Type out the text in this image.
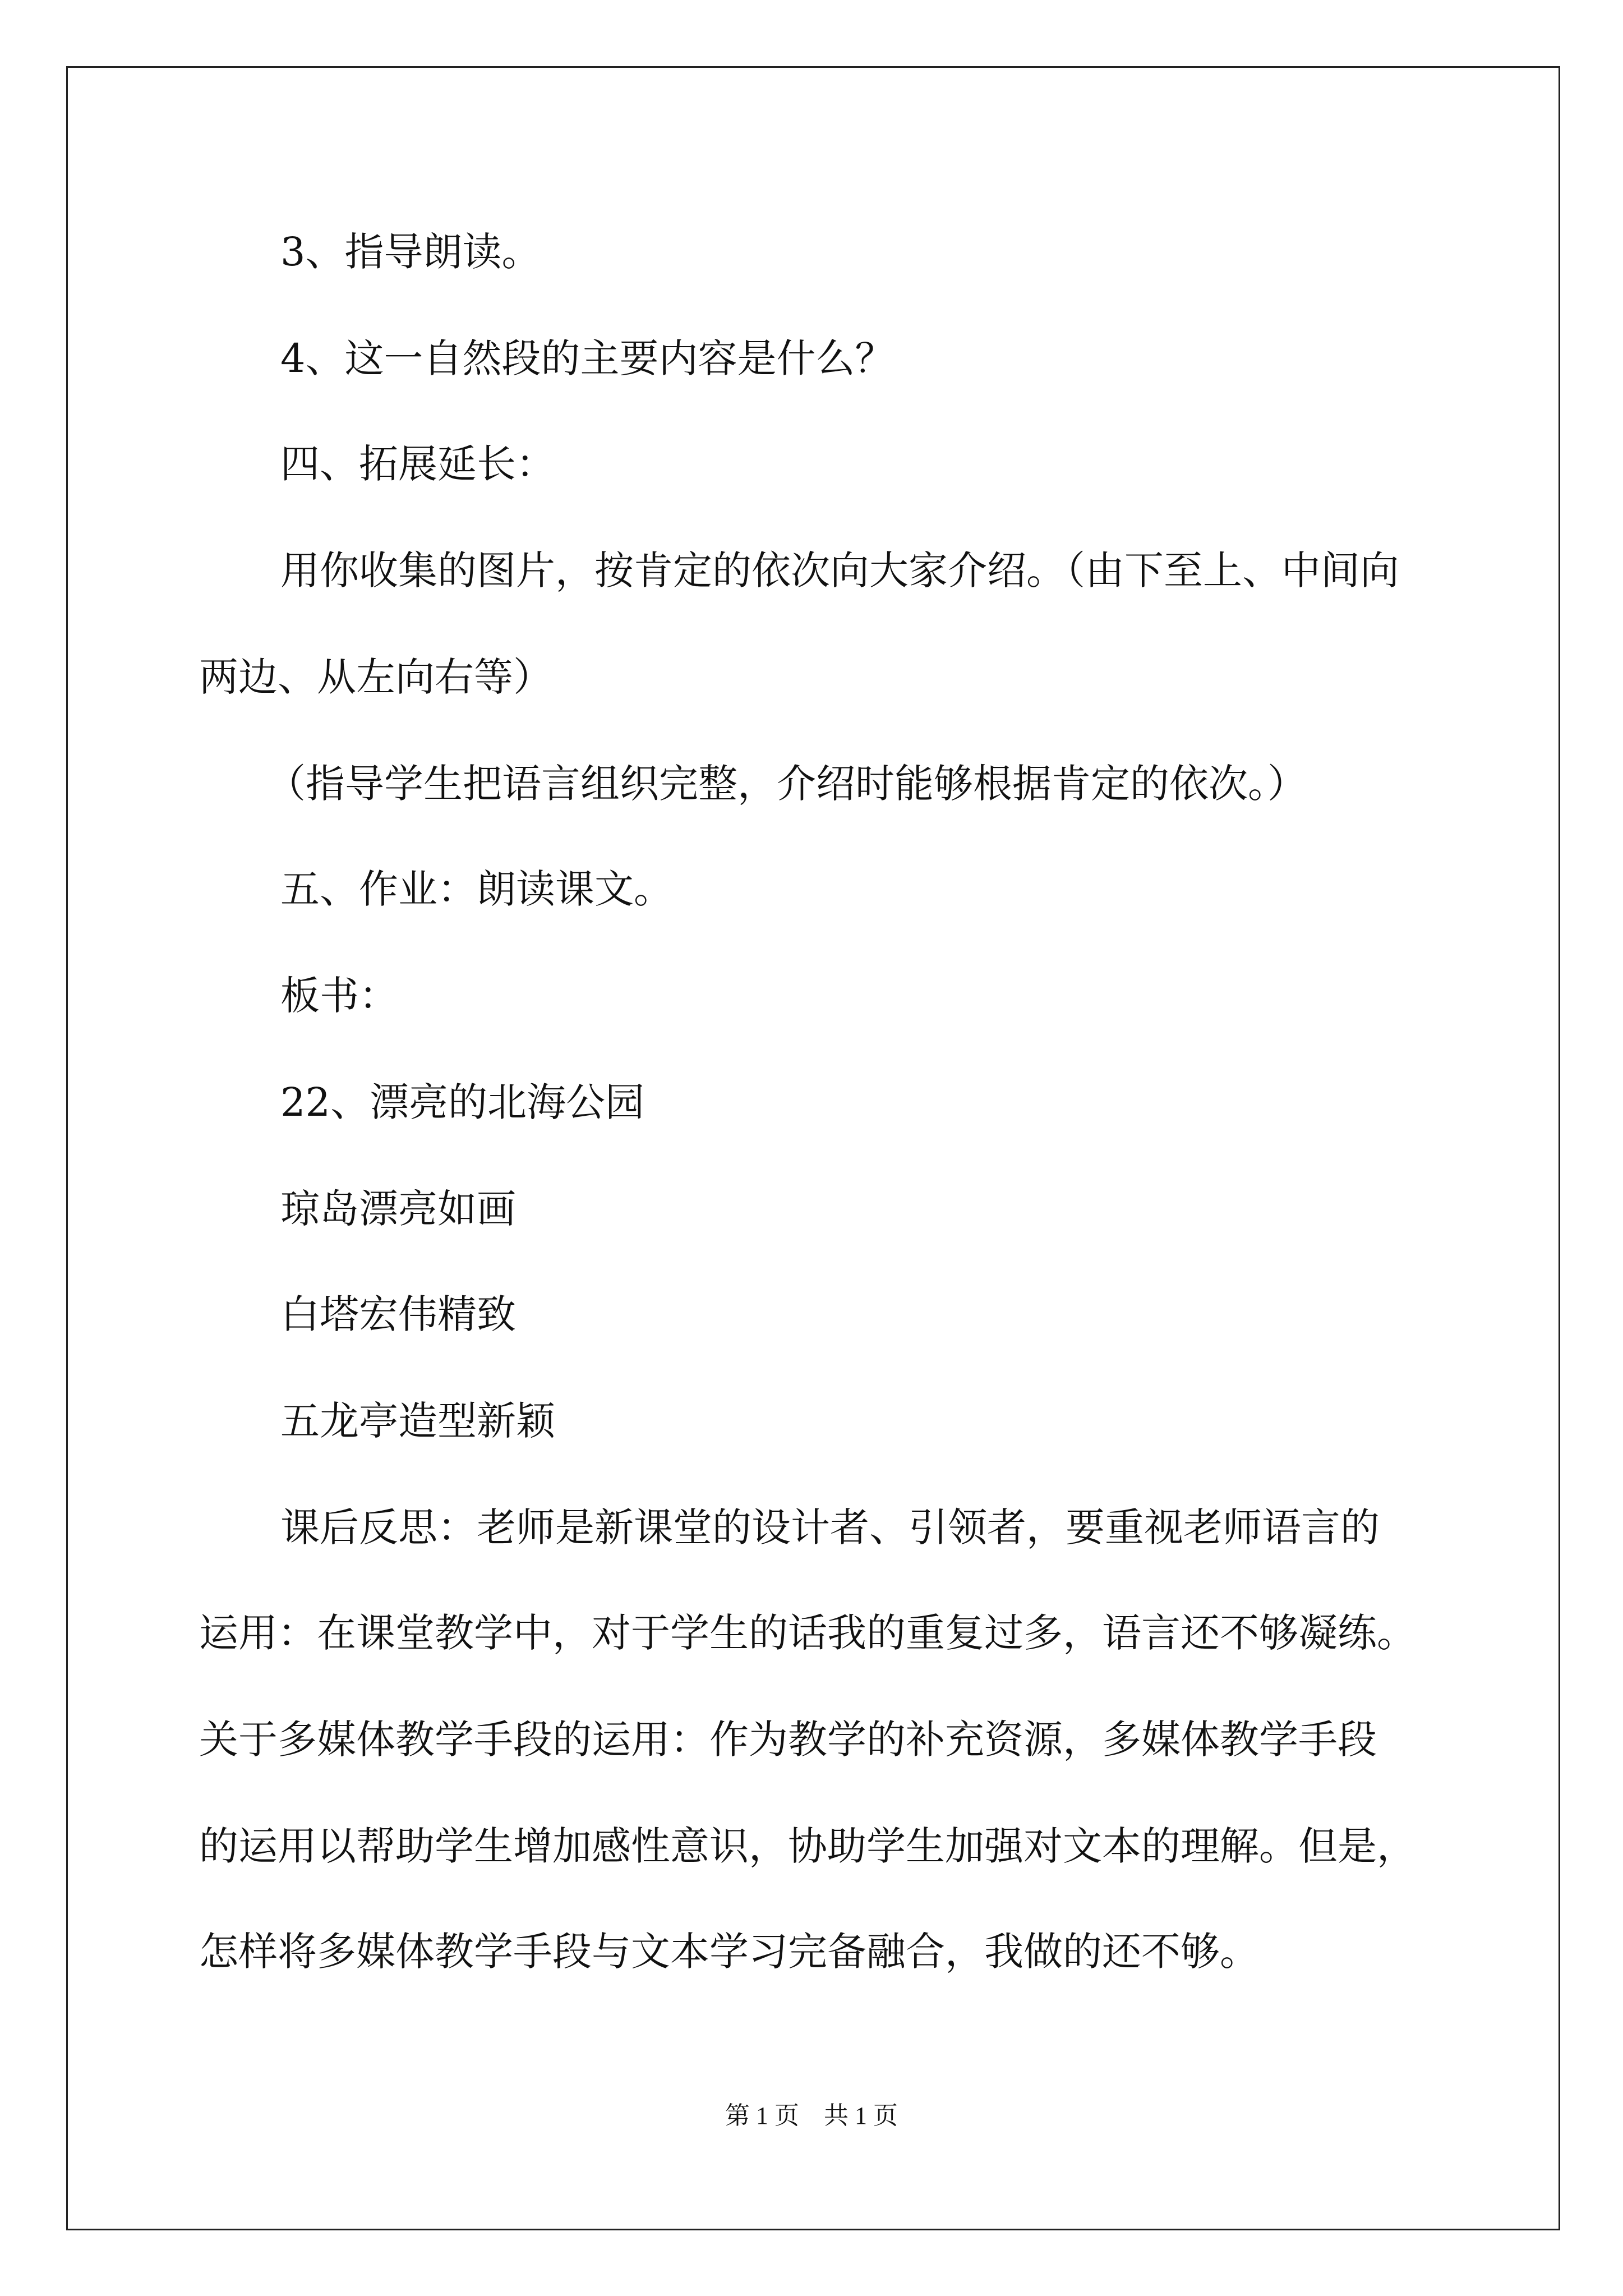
3、指导朗读。
4、这一自然段的主要内容是什么？
四、拓展延长：
用你收集的图片，按肯定的依次向大家介绍。（由下至上、中间向
两边、从左向右等）
（指导学生把语言组织完整，介绍时能够根据肯定的依次。）
五、作业：朗读课文。
板书：
22、漂亮的北海公园
琼岛漂亮如画
白塔宏伟精致
五龙亭造型新颖
课后反思：老师是新课堂的设计者、引领者，要重视老师语言的
运用：在课堂教学中，对于学生的话我的重复过多，语言还不够凝练。
关于多媒体教学手段的运用：作为教学的补充资源，多媒体教学手段
的运用以帮助学生增加感性意识，协助学生加强对文本的理解。但是，
怎样将多媒体教学手段与文本学习完备融合，我做的还不够。
第 1 页 共 1 页
